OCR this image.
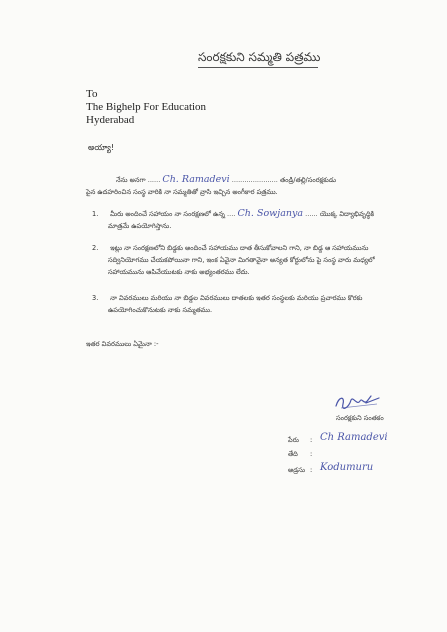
సంరక్షకుని సమ్మతి పత్రము
To
The Bighelp For Education
Hyderabad
అయ్యా!
నేను అనగా ...... Ch. Ramadevi ...................... తండ్రి/తల్లి/సంరక్షకుడు
పైన ఉదహరించిన సంస్థ వారికి నా సమ్మతితో వ్రాసి ఇచ్చిన అంగీకార పత్రము.
1. మీరు అందించే సహాయం నా సంరక్షణలో ఉన్న .... Ch. Sowjanya ...... యొక్క విద్యాభివృద్ధికి
మాత్రమే ఉపయోగిస్తాను.
2. ఇట్లు నా సంరక్షణలోని బిడ్డకు అందించే సహాయము దాత తీసుకోవాలని గాని, నా బిడ్డ ఆ సహాయమును
సద్వినియోగము చేయకపోయినా గాని, ఇంక ఏవైనా మిగతావైనా అన్యత కోర్టులోను పై సంస్థ వారు మధ్యలో
సహాయమును ఆపివేయుటకు నాకు అభ్యంతరము లేదు.
3. నా వివరములు మరియు నా బిడ్డల వివరములు దాతలకు ఇతర సంస్థలకు మరియు ప్రచారము కొరకు
ఉపయోగించుకొనుటకు నాకు సమ్మతము.
ఇతర వివరములు ఏమైనా :-
సంరక్షకుని సంతకం
పేరు : Ch Ramadevi
తేది :
అడ్రసు : Kodumuru
